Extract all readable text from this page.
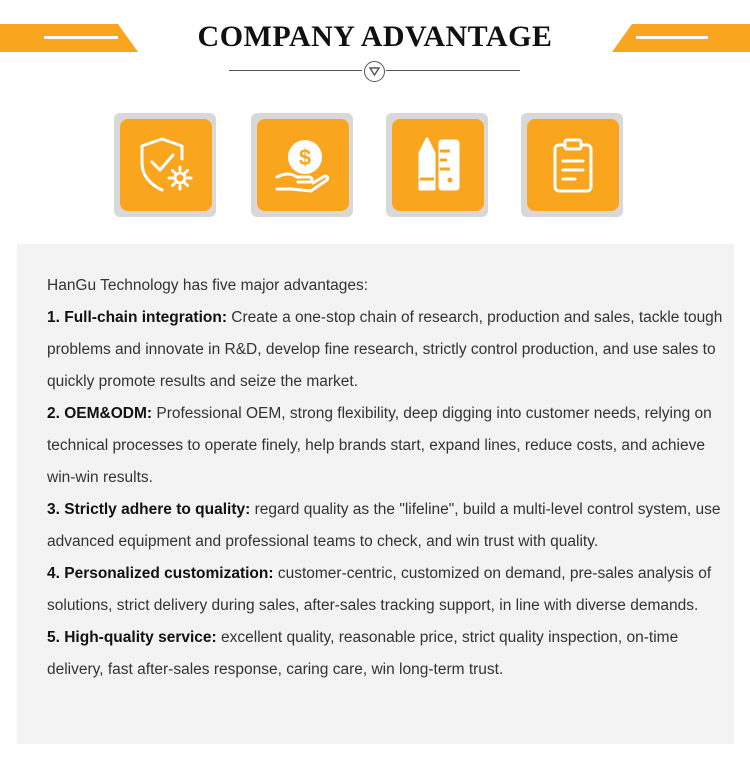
COMPANY ADVANTAGE
$

HanGu Technology has five major advantages:

1. Full-chain integration: Create a one-stop chain of research, production and sales, tackle tough problems and innovate in R&D, develop fine research, strictly control production, and use sales to quickly promote results and seize the market.

2. OEM&ODM: Professional OEM, strong flexibility, deep digging into customer needs, relying on technical processes to operate finely, help brands start, expand lines, reduce costs, and achieve win-win results.

3. Strictly adhere to quality: regard quality as the "lifeline", build a multi-level control system, use advanced equipment and professional teams to check, and win trust with quality.

4. Personalized customization: customer-centric, customized on demand, pre-sales analysis of solutions, strict delivery during sales, after-sales tracking support, in line with diverse demands.

5. High-quality service: excellent quality, reasonable price, strict quality inspection, on-time delivery, fast after-sales response, caring care, win long-term trust.
